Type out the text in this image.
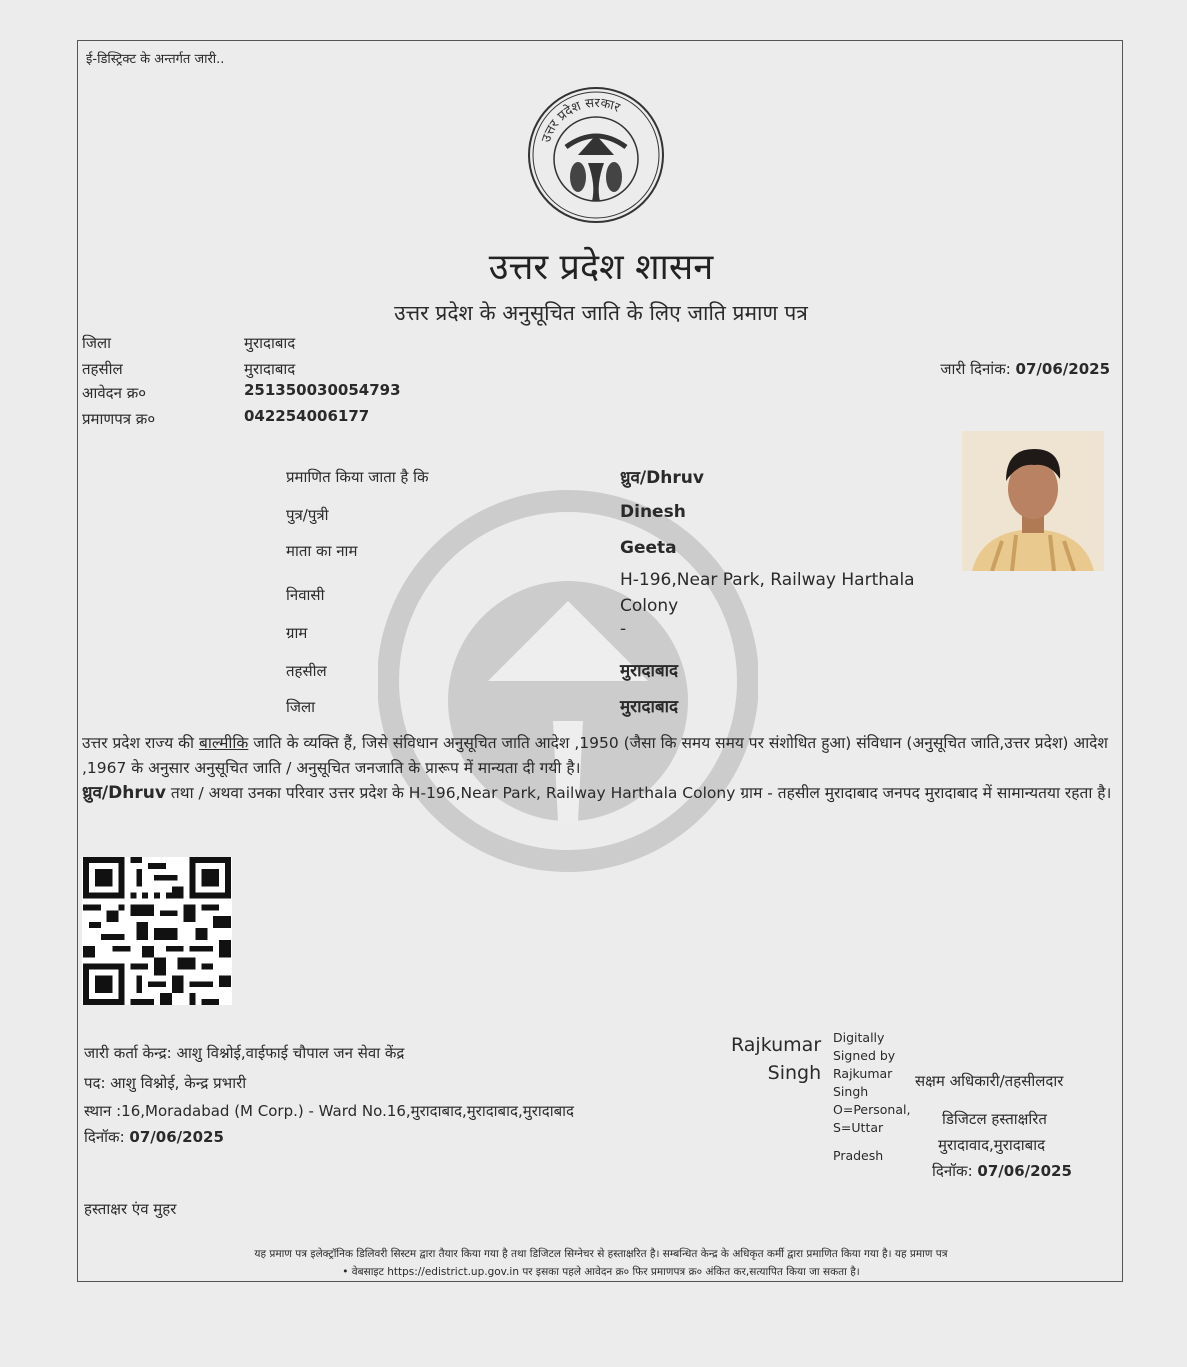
ई-डिस्ट्रिक्ट के अन्तर्गत जारी..
उत्तर प्रदेश सरकार
उत्तर प्रदेश शासन
उत्तर प्रदेश के अनुसूचित जाति के लिए जाति प्रमाण पत्र
जिला	मुरादाबाद
तहसील	मुरादाबाद
आवेदन क्र०	251350030054793
प्रमाणपत्र क्र०	042254006177
जारी दिनांक: 07/06/2025
प्रमाणित किया जाता है कि	ध्रुव/Dhruv
पुत्र/पुत्री	Dinesh
माता का नाम	Geeta
निवासी
H-196,Near Park, Railway Harthala
Colony
ग्राम	-
तहसील	मुरादाबाद
जिला	मुरादाबाद
उत्तर प्रदेश राज्य की बाल्मीकि जाति के व्यक्ति हैं, जिसे संविधान अनुसूचित जाति आदेश ,1950 (जैसा कि समय समय पर संशोधित हुआ) संविधान (अनुसूचित जाति,उत्तर प्रदेश) आदेश ,1967 के अनुसार अनुसूचित जाति / अनुसूचित जनजाति के प्रारूप में मान्यता दी गयी है।
ध्रुव/Dhruv तथा / अथवा उनका परिवार उत्तर प्रदेश के H-196,Near Park, Railway Harthala Colony ग्राम - तहसील मुरादाबाद जनपद मुरादाबाद में सामान्यतया रहता है।
जारी कर्ता केन्द्र: आशु विश्नोई,वाईफाई चौपाल जन सेवा केंद्र
पद: आशु विश्नोई, केन्द्र प्रभारी
स्थान :16,Moradabad (M Corp.) - Ward No.16,मुरादाबाद,मुरादाबाद,मुरादाबाद
दिनॉक: 07/06/2025
हस्ताक्षर एंव मुहर
Rajkumar
Singh
Digitally
Signed by
Rajkumar
Singh
O=Personal,
S=Uttar
Pradesh
सक्षम अधिकारी/तहसीलदार
डिजिटल हस्ताक्षरित
मुरादावाद,मुरादाबाद
दिनॉक: 07/06/2025
यह प्रमाण पत्र इलेक्ट्रॉनिक डिलिवरी सिस्टम द्वारा तैयार किया गया है तथा डिजिटल सिग्नेचर से हस्ताक्षरित है। सम्बन्धित केन्द्र के अधिकृत कर्मी द्वारा प्रमाणित किया गया है। यह प्रमाण पत्र
• वेबसाइट https://edistrict.up.gov.in पर इसका पहले आवेदन क्र० फिर प्रमाणपत्र क्र० अंकित कर,सत्यापित किया जा सकता है।
